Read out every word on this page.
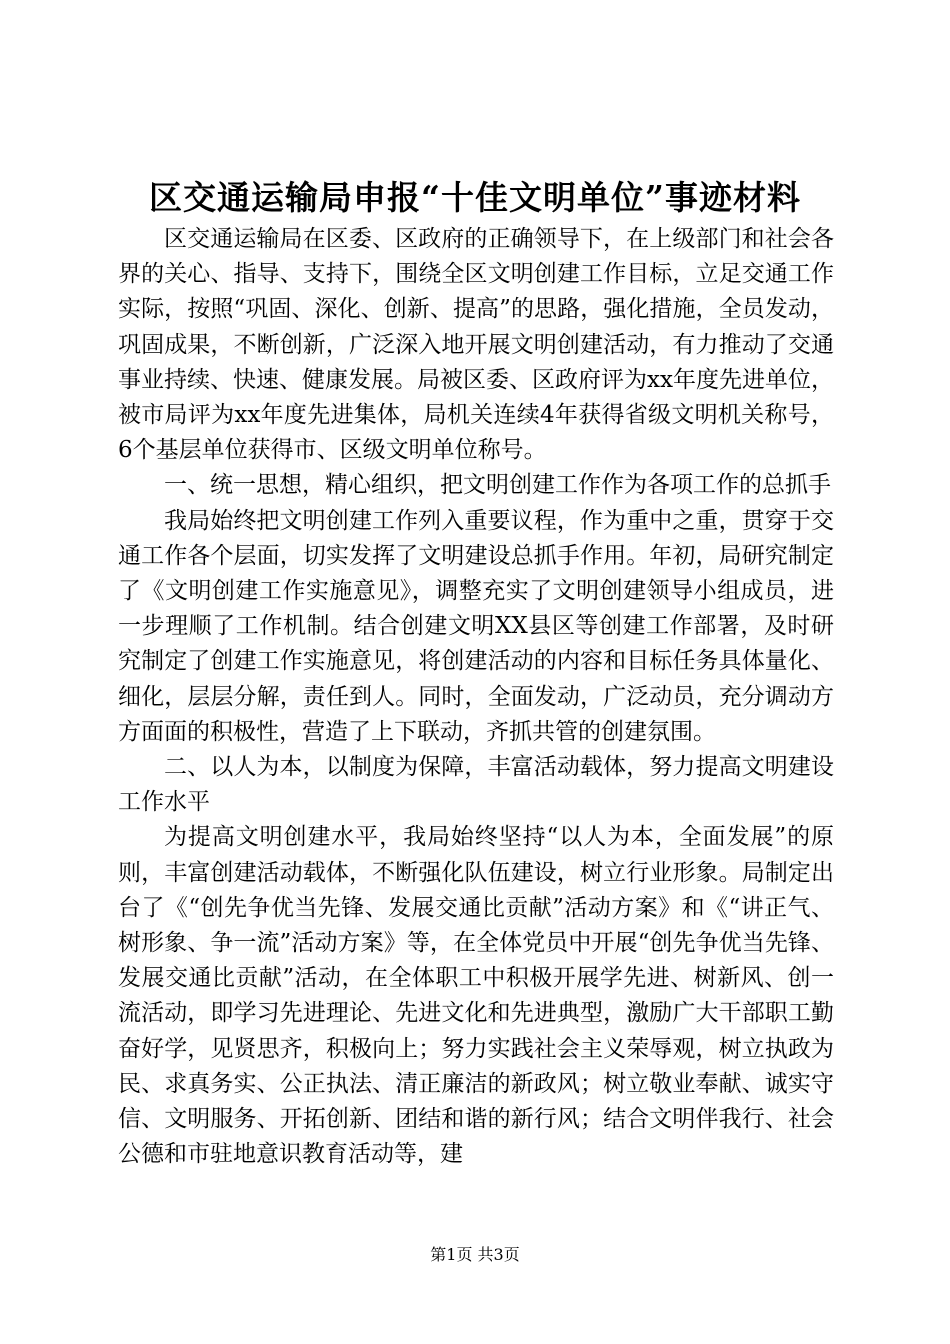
区交通运输局申报“十佳文明单位”事迹材料

区交通运输局在区委、区政府的正确领导下，在上级部门和社会各界的关心、指导、支持下，围绕全区文明创建工作目标，立足交通工作实际，按照“巩固、深化、创新、提高”的思路，强化措施，全员发动，巩固成果，不断创新，广泛深入地开展文明创建活动，有力推动了交通事业持续、快速、健康发展。局被区委、区政府评为xx年度先进单位，被市局评为xx年度先进集体，局机关连续4年获得省级文明机关称号，6个基层单位获得市、区级文明单位称号。

一、统一思想，精心组织，把文明创建工作作为各项工作的总抓手

我局始终把文明创建工作列入重要议程，作为重中之重，贯穿于交通工作各个层面，切实发挥了文明建设总抓手作用。年初，局研究制定了《文明创建工作实施意见》，调整充实了文明创建领导小组成员，进一步理顺了工作机制。结合创建文明XX县区等创建工作部署，及时研究制定了创建工作实施意见，将创建活动的内容和目标任务具体量化、细化，层层分解，责任到人。同时，全面发动，广泛动员，充分调动方方面面的积极性，营造了上下联动，齐抓共管的创建氛围。

二、以人为本，以制度为保障，丰富活动载体，努力提高文明建设工作水平

为提高文明创建水平，我局始终坚持“以人为本，全面发展”的原则，丰富创建活动载体，不断强化队伍建设，树立行业形象。局制定出台了《“创先争优当先锋、发展交通比贡献”活动方案》和《“讲正气、树形象、争一流”活动方案》等，在全体党员中开展“创先争优当先锋、发展交通比贡献”活动，在全体职工中积极开展学先进、树新风、创一流活动，即学习先进理论、先进文化和先进典型，激励广大干部职工勤奋好学，见贤思齐，积极向上；努力实践社会主义荣辱观，树立执政为民、求真务实、公正执法、清正廉洁的新政风；树立敬业奉献、诚实守信、文明服务、开拓创新、团结和谐的新行风；结合文明伴我行、社会公德和市驻地意识教育活动等，建

第1页 共3页
